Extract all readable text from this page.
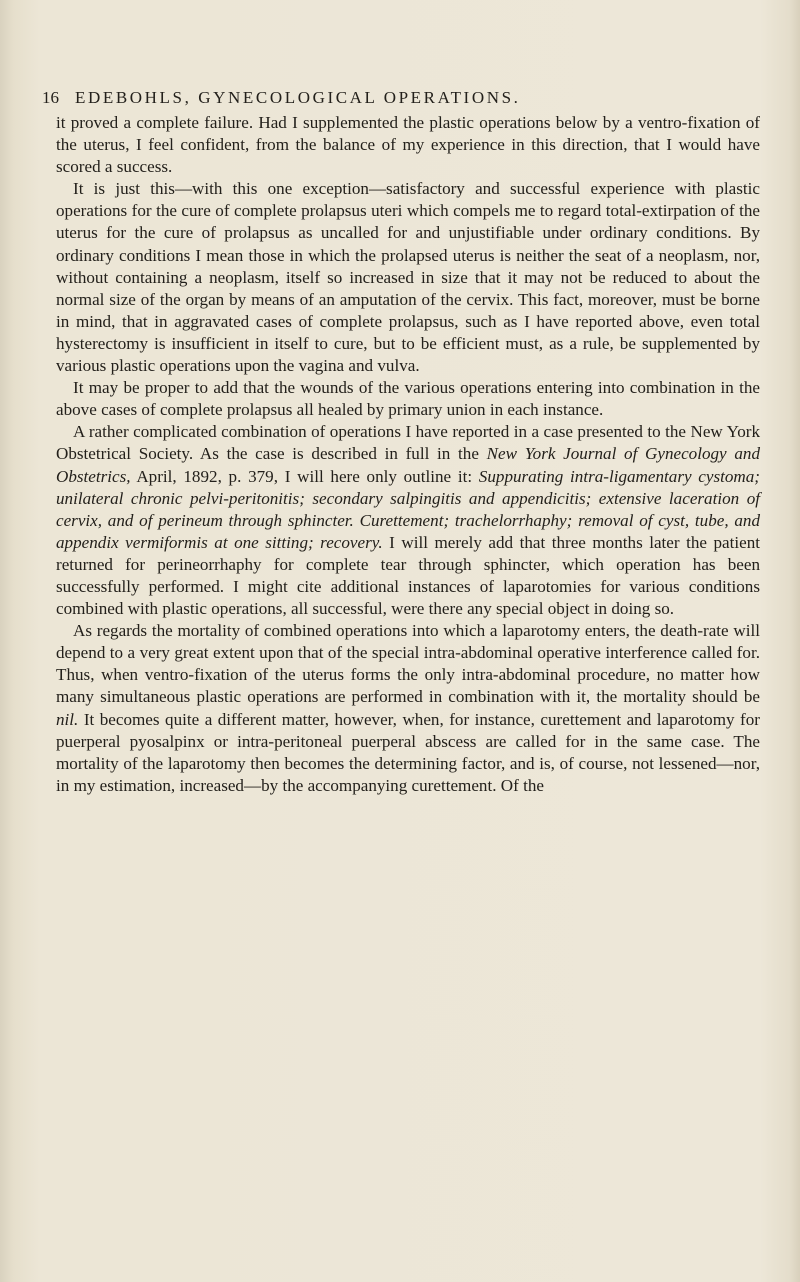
16 EDEBOHLS, GYNECOLOGICAL OPERATIONS.

it proved a complete failure. Had I supplemented the plastic operations below by a ventro-fixation of the uterus, I feel confident, from the balance of my experience in this direction, that I would have scored a success.

It is just this—with this one exception—satisfactory and successful experience with plastic operations for the cure of complete prolapsus uteri which compels me to regard total-extirpation of the uterus for the cure of prolapsus as uncalled for and unjustifiable under ordinary conditions. By ordinary conditions I mean those in which the prolapsed uterus is neither the seat of a neoplasm, nor, without containing a neoplasm, itself so increased in size that it may not be reduced to about the normal size of the organ by means of an amputation of the cervix. This fact, moreover, must be borne in mind, that in aggravated cases of complete prolapsus, such as I have reported above, even total hysterectomy is insufficient in itself to cure, but to be efficient must, as a rule, be supplemented by various plastic operations upon the vagina and vulva.

It may be proper to add that the wounds of the various operations entering into combination in the above cases of complete prolapsus all healed by primary union in each instance.

A rather complicated combination of operations I have reported in a case presented to the New York Obstetrical Society. As the case is described in full in the New York Journal of Gynecology and Obstetrics, April, 1892, p. 379, I will here only outline it: Suppurating intra-ligamentary cystoma; unilateral chronic pelvi-peritonitis; secondary salpingitis and appendicitis; extensive laceration of cervix, and of perineum through sphincter. Curettement; trachelorrhaphy; removal of cyst, tube, and appendix vermiformis at one sitting; recovery. I will merely add that three months later the patient returned for perineorrhaphy for complete tear through sphincter, which operation has been successfully performed. I might cite additional instances of laparotomies for various conditions combined with plastic operations, all successful, were there any special object in doing so.

As regards the mortality of combined operations into which a laparotomy enters, the death-rate will depend to a very great extent upon that of the special intra-abdominal operative interference called for. Thus, when ventro-fixation of the uterus forms the only intra-abdominal procedure, no matter how many simultaneous plastic operations are performed in combination with it, the mortality should be nil. It becomes quite a different matter, however, when, for instance, curettement and laparotomy for puerperal pyosalpinx or intra-peritoneal puerperal abscess are called for in the same case. The mortality of the laparotomy then becomes the determining factor, and is, of course, not lessened—nor, in my estimation, increased—by the accompanying curettement. Of the
